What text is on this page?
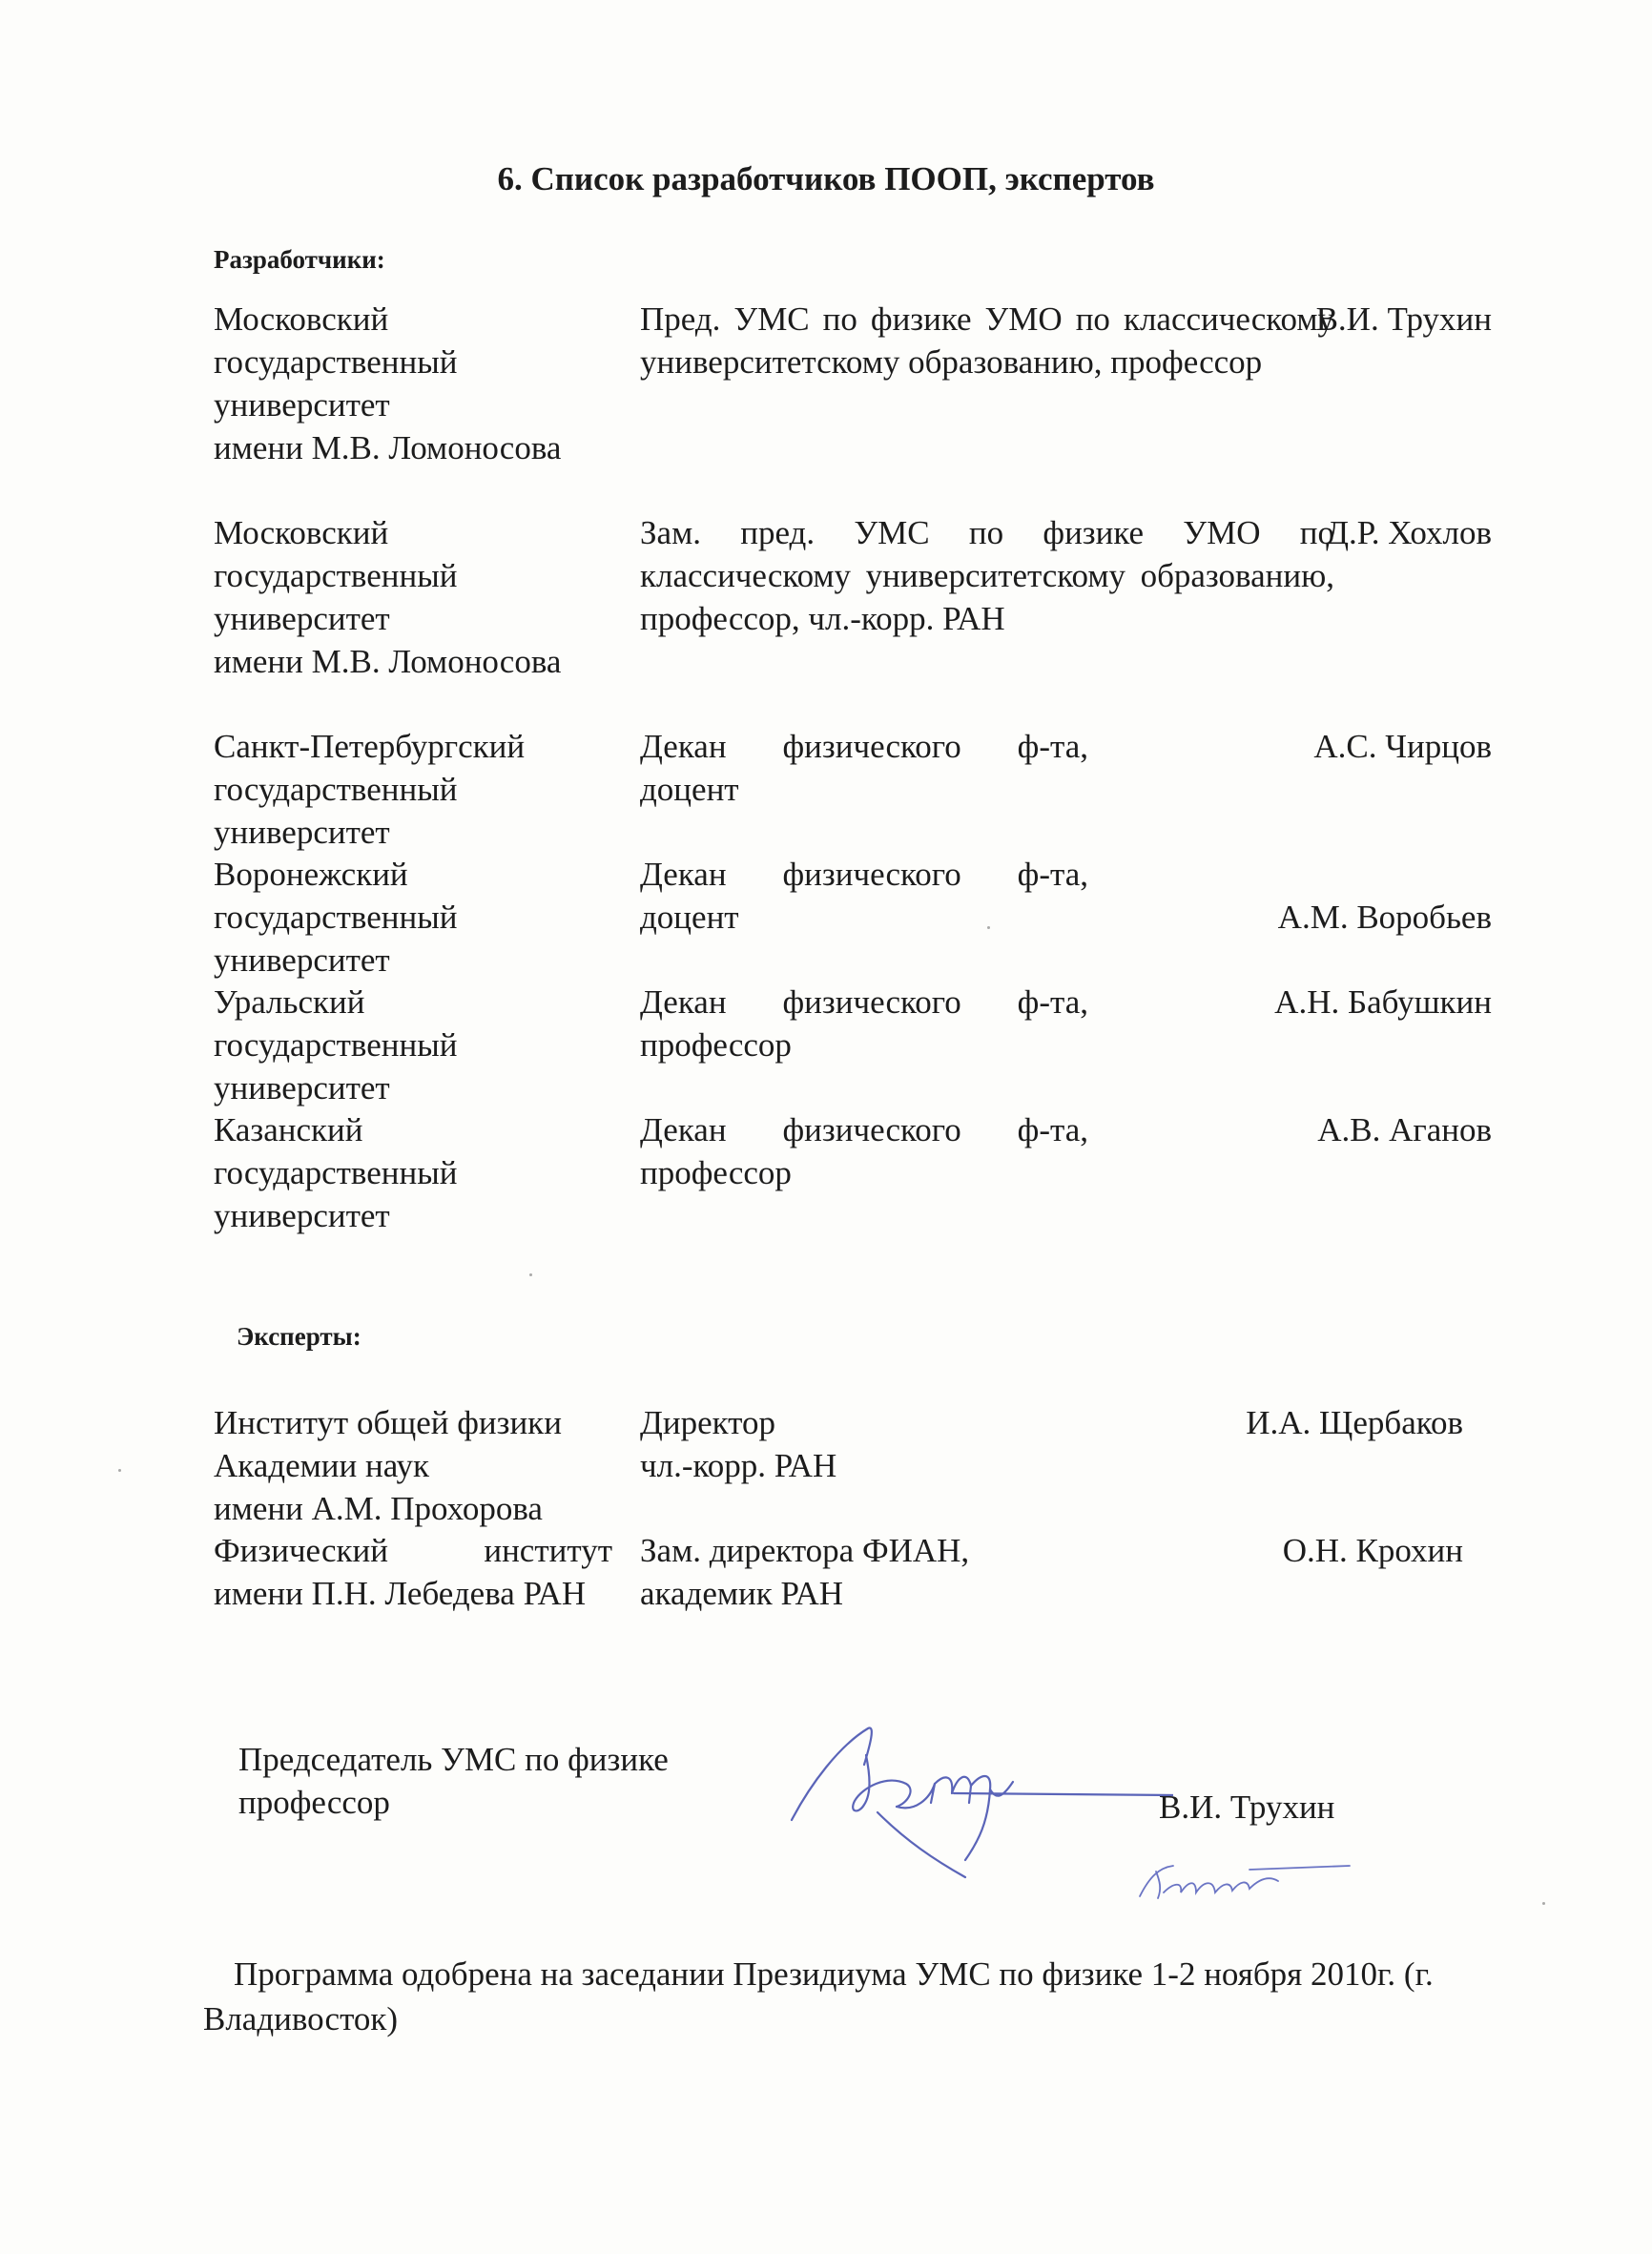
6. Список разработчиков ПООП, экспертов

Разработчики:

Московский
государственный
университет
имени М.В. Ломоносова
Пред. УМС по физике УМО по классическому университетскому образованию, профессор
В.И. Трухин
Московский
государственный
университет
имени М.В. Ломоносова
Зам. пред. УМС по физике УМО по классическому университетскому образованию, профессор, чл.-корр. РАН
Д.Р. Хохлов
Санкт-Петербургский
государственный
университет
Декан физического ф-та, доцент
А.С. Чирцов
Воронежский
государственный
университет
Декан физического ф-та, доцент	А.М. Воробьев
Уральский
государственный
университет
Декан физического ф-та, профессор
А.Н. Бабушкин
Казанский
государственный
университет
Декан физического ф-та, профессор
А.В. Аганов

Эксперты:

Институт общей физики
Академии наук
имени А.М. Прохорова
Директор
чл.-корр. РАН
И.А. Щербаков
Физический институт имени П.Н. Лебедева РАН
Зам. директора ФИАН,
академик РАН
О.Н. Крохин
Председатель УМС по физике
профессор	В.И. Трухин

Программа одобрена на заседании Президиума УМС по физике 1-2 ноября 2010г. (г. Владивосток)
